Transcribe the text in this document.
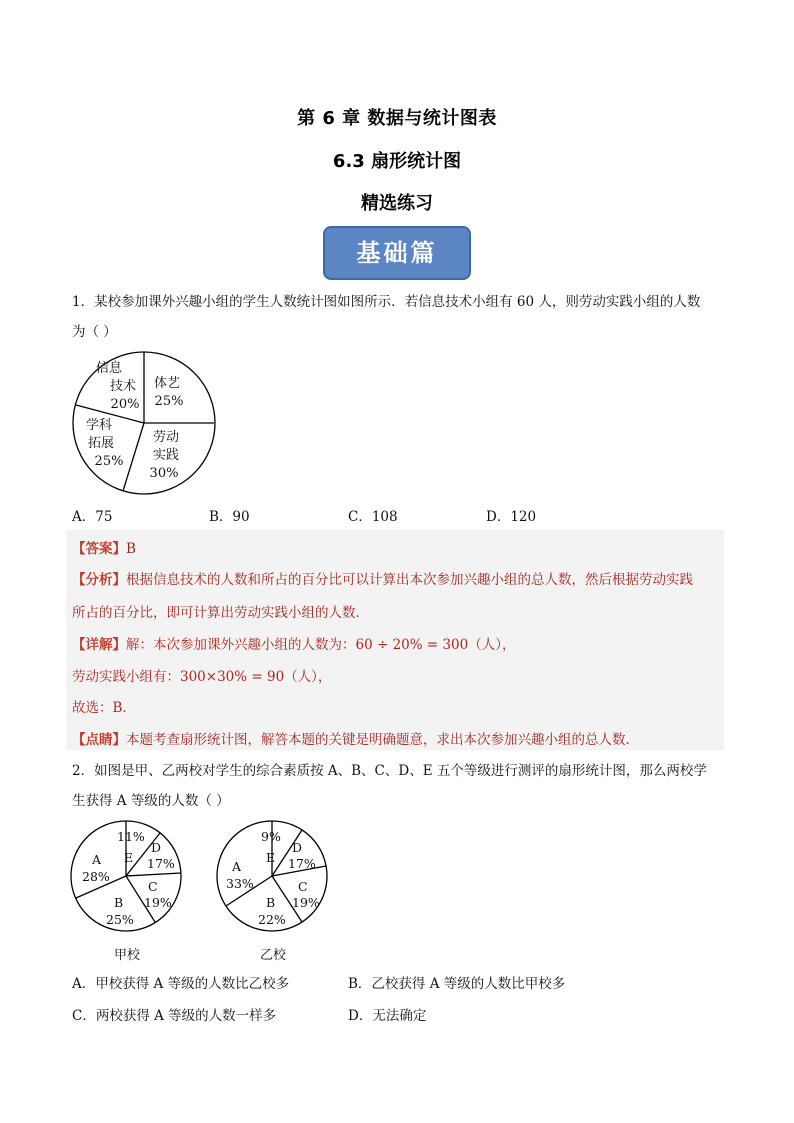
第 6 章 数据与统计图表
6.3 扇形统计图
精选练习
基础篇
1．某校参加课外兴趣小组的学生人数统计图如图所示．若信息技术小组有 60 人，则劳动实践小组的人数
为（ ）
信息
技术
20%
体艺
25%
劳动
实践
30%
学科
拓展
25%
A．75	B．90	C．108	D．120
【答案】B
【分析】根据信息技术的人数和所占的百分比可以计算出本次参加兴趣小组的总人数，然后根据劳动实践
所占的百分比，即可计算出劳动实践小组的人数．
【详解】解：本次参加课外兴趣小组的人数为：60 ÷ 20% = 300（人），
劳动实践小组有：300×30% = 90（人），
故选：B．
【点睛】本题考查扇形统计图，解答本题的关键是明确题意，求出本次参加兴趣小组的总人数．
2．如图是甲、乙两校对学生的综合素质按 A、B、C、D、E 五个等级进行测评的扇形统计图，那么两校学
生获得 A 等级的人数（ ）
11%
E
D
17%
C
19%
B
25%
A
28%
甲校
9%
E
D
17%
C
19%
B
22%
A
33%
乙校
A．甲校获得 A 等级的人数比乙校多	B．乙校获得 A 等级的人数比甲校多
C．两校获得 A 等级的人数一样多	D．无法确定
